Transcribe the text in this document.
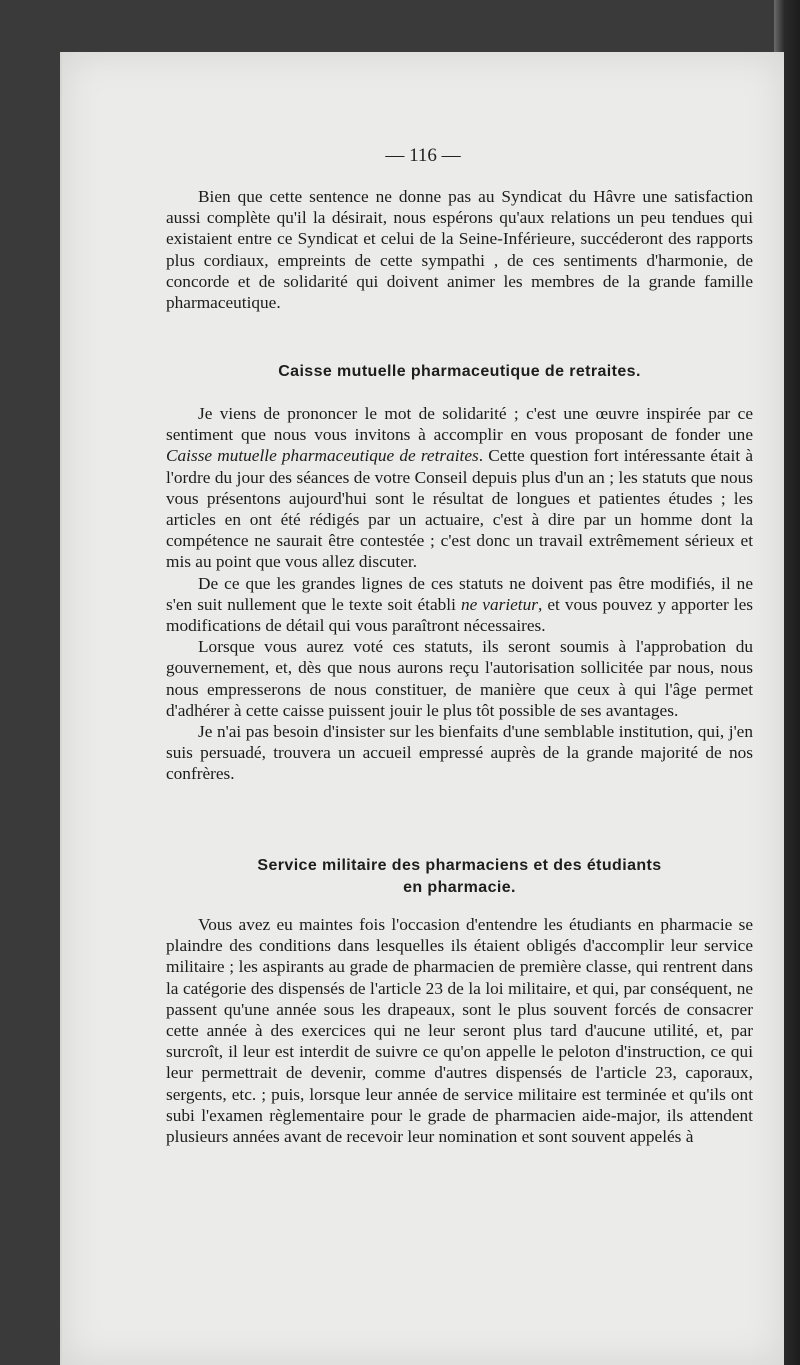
— 116 —

Bien que cette sentence ne donne pas au Syndicat du Hâvre une satisfaction aussi complète qu'il la désirait, nous espérons qu'aux relations un peu tendues qui existaient entre ce Syndicat et celui de la Seine-Inférieure, succéderont des rapports plus cordiaux, empreints de cette sympathi , de ces sentiments d'harmonie, de concorde et de solidarité qui doivent animer les membres de la grande famille pharmaceutique.

Caisse mutuelle pharmaceutique de retraites.

Je viens de prononcer le mot de solidarité ; c'est une œuvre inspirée par ce sentiment que nous vous invitons à accomplir en vous proposant de fonder une Caisse mutuelle pharmaceutique de retraites. Cette question fort intéressante était à l'ordre du jour des séances de votre Conseil depuis plus d'un an ; les statuts que nous vous présentons aujourd'hui sont le résultat de longues et patientes études ; les articles en ont été rédigés par un actuaire, c'est à dire par un homme dont la compétence ne saurait être contestée ; c'est donc un travail extrêmement sérieux et mis au point que vous allez discuter.

De ce que les grandes lignes de ces statuts ne doivent pas être modifiés, il ne s'en suit nullement que le texte soit établi ne varietur, et vous pouvez y apporter les modifications de détail qui vous paraîtront nécessaires.

Lorsque vous aurez voté ces statuts, ils seront soumis à l'approbation du gouvernement, et, dès que nous aurons reçu l'autorisation sollicitée par nous, nous nous empresserons de nous constituer, de manière que ceux à qui l'âge permet d'adhérer à cette caisse puissent jouir le plus tôt possible de ses avantages.

Je n'ai pas besoin d'insister sur les bienfaits d'une semblable institution, qui, j'en suis persuadé, trouvera un accueil empressé auprès de la grande majorité de nos confrères.

Service militaire des pharmaciens et des étudiants
en pharmacie.

Vous avez eu maintes fois l'occasion d'entendre les étudiants en pharmacie se plaindre des conditions dans lesquelles ils étaient obligés d'accomplir leur service militaire ; les aspirants au grade de pharmacien de première classe, qui rentrent dans la catégorie des dispensés de l'article 23 de la loi militaire, et qui, par conséquent, ne passent qu'une année sous les drapeaux, sont le plus souvent forcés de consacrer cette année à des exercices qui ne leur seront plus tard d'aucune utilité, et, par surcroît, il leur est interdit de suivre ce qu'on appelle le peloton d'instruction, ce qui leur permettrait de devenir, comme d'autres dispensés de l'article 23, caporaux, sergents, etc. ; puis, lorsque leur année de service militaire est terminée et qu'ils ont subi l'examen règlementaire pour le grade de pharmacien aide-major, ils attendent plusieurs années avant de recevoir leur nomination et sont souvent appelés à
